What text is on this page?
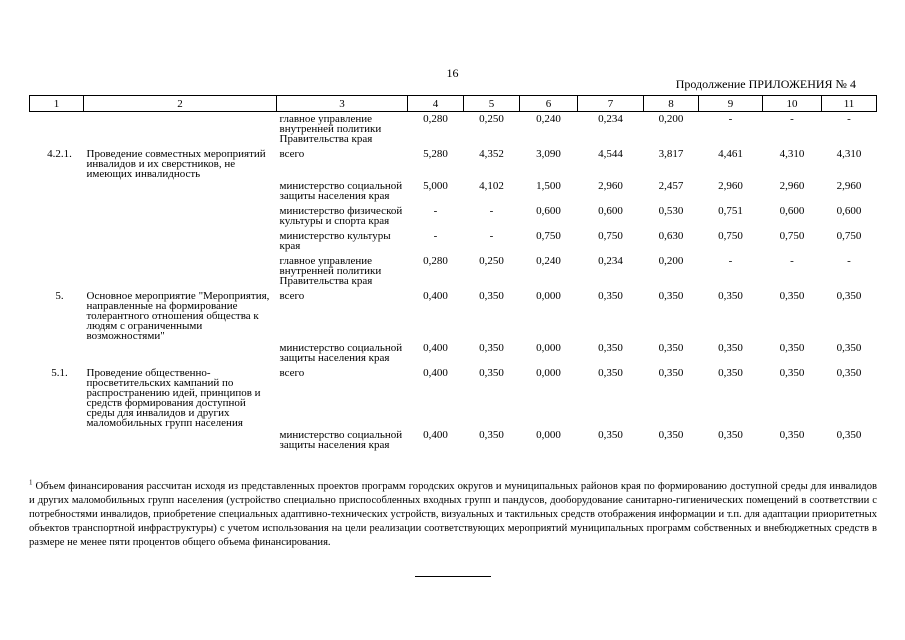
16
Продолжение ПРИЛОЖЕНИЯ № 4
1	2	3	4	5	6	7	8	9	10	11
		главное управление внутренней политики Правительства края	0,280	0,250	0,240	0,234	0,200	-	-	-
4.2.1.	Проведение совместных мероприятий инвалидов и их сверстников, не имеющих инвалидность	всего	5,280	4,352	3,090	4,544	3,817	4,461	4,310	4,310
		министерство социальной защиты населения края	5,000	4,102	1,500	2,960	2,457	2,960	2,960	2,960
		министерство физической культуры и спорта края	-	-	0,600	0,600	0,530	0,751	0,600	0,600
		министерство культуры края	-	-	0,750	0,750	0,630	0,750	0,750	0,750
		главное управление внутренней политики Правительства края	0,280	0,250	0,240	0,234	0,200	-	-	-
5.	Основное мероприятие "Мероприятия, направленные на формирование толерантного отношения общества к людям с ограниченными возможностями"	всего	0,400	0,350	0,000	0,350	0,350	0,350	0,350	0,350
		министерство социальной защиты населения края	0,400	0,350	0,000	0,350	0,350	0,350	0,350	0,350
5.1.	Проведение общественно-просветительских кампаний по распространению идей, принципов и средств формирования доступной среды для инвалидов и других маломобильных групп населения	всего	0,400	0,350	0,000	0,350	0,350	0,350	0,350	0,350
		министерство социальной защиты населения края	0,400	0,350	0,000	0,350	0,350	0,350	0,350	0,350
$^1$ Объем финансирования рассчитан исходя из представленных проектов программ городских округов и муниципальных районов края по формированию доступной среды для инвалидов и других маломобильных групп населения (устройство специально приспособленных входных групп и пандусов, дооборудование санитарно-гигиенических помещений в соответствии с потребностями инвалидов, приобретение специальных адаптивно-технических устройств, визуальных и тактильных средств отображения информации и т.п. для адаптации приоритетных объектов транспортной инфраструктуры) с учетом использования на цели реализации соответствующих мероприятий муниципальных программ собственных и внебюджетных средств в размере не менее пяти процентов общего объема финансирования.
